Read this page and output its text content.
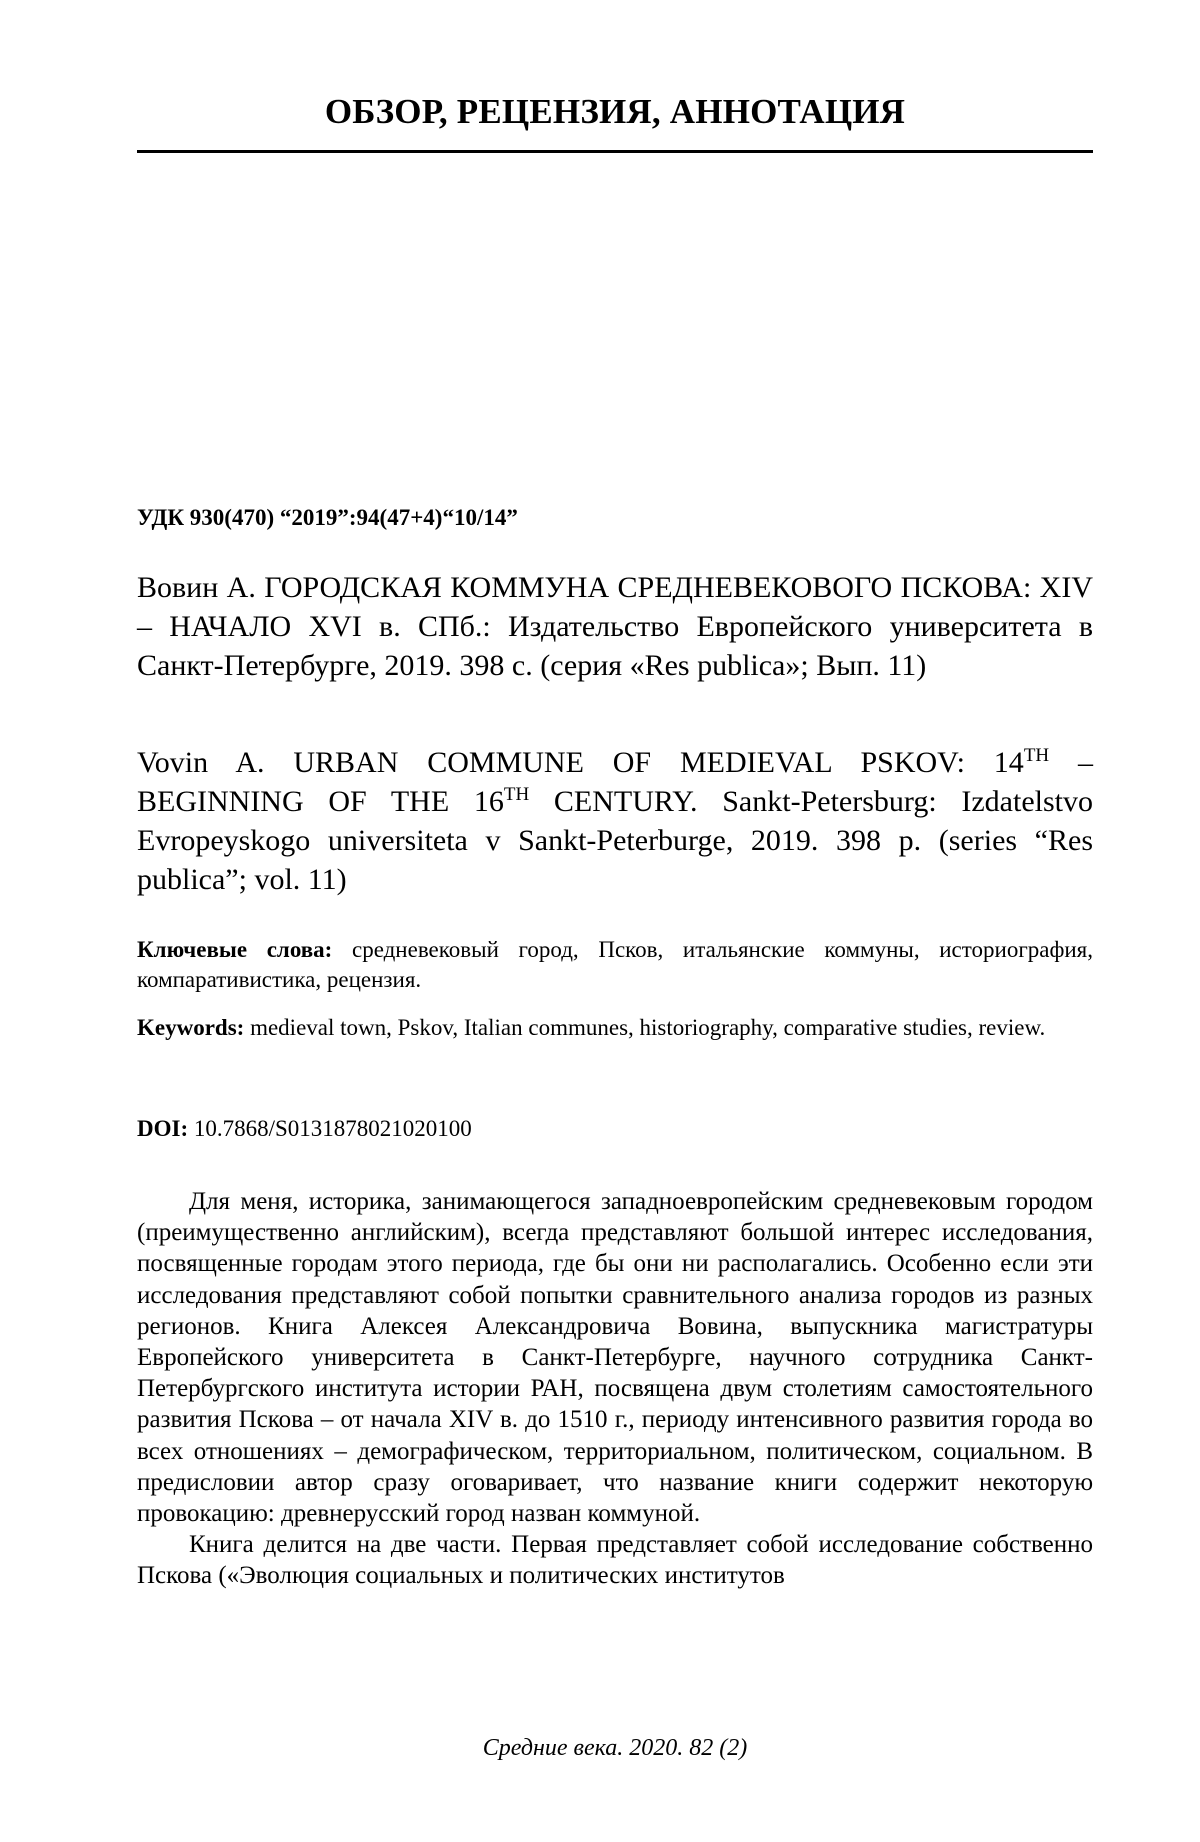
ОБЗОР, РЕЦЕНЗИЯ, АННОТАЦИЯ

УДК 930(470) “2019”:94(47+4)“10/14”

Вовин А. ГОРОДСКАЯ КОММУНА СРЕДНЕВЕКОВОГО ПСКОВА: XIV – НАЧАЛО XVI в. СПб.: Издательство Европейского университета в Санкт-Петербурге, 2019. 398 с. (серия «Res publica»; Вып. 11)

Vovin A. URBAN COMMUNE OF MEDIEVAL PSKOV: 14TH – BEGINNING OF THE 16TH CENTURY. Sankt-Petersburg: Izdatelstvo Evropeyskogo universiteta v Sankt-Peterburge, 2019. 398 p. (series “Res publica”; vol. 11)

Ключевые слова: средневековый город, Псков, итальянские коммуны, историография, компаративистика, рецензия.

Keywords: medieval town, Pskov, Italian communes, historiography, comparative studies, review.

DOI: 10.7868/S0131878021020100

Для меня, историка, занимающегося западноевропейским средневековым городом (преимущественно английским), всегда представляют большой интерес исследования, посвященные городам этого периода, где бы они ни располагались. Особенно если эти исследования представляют собой попытки сравнительного анализа городов из разных регионов. Книга Алексея Александровича Вовина, выпускника магистратуры Европейского университета в Санкт-Петербурге, научного сотрудника Санкт-Петербургского института истории РАН, посвящена двум столетиям самостоятельного развития Пскова – от начала XIV в. до 1510 г., периоду интенсивного развития города во всех отношениях – демографическом, территориальном, политическом, социальном. В предисловии автор сразу оговаривает, что название книги содержит некоторую провокацию: древнерусский город назван коммуной.

Книга делится на две части. Первая представляет собой исследование собственно Пскова («Эволюция социальных и политических институтов

Средние века. 2020. 82 (2)
